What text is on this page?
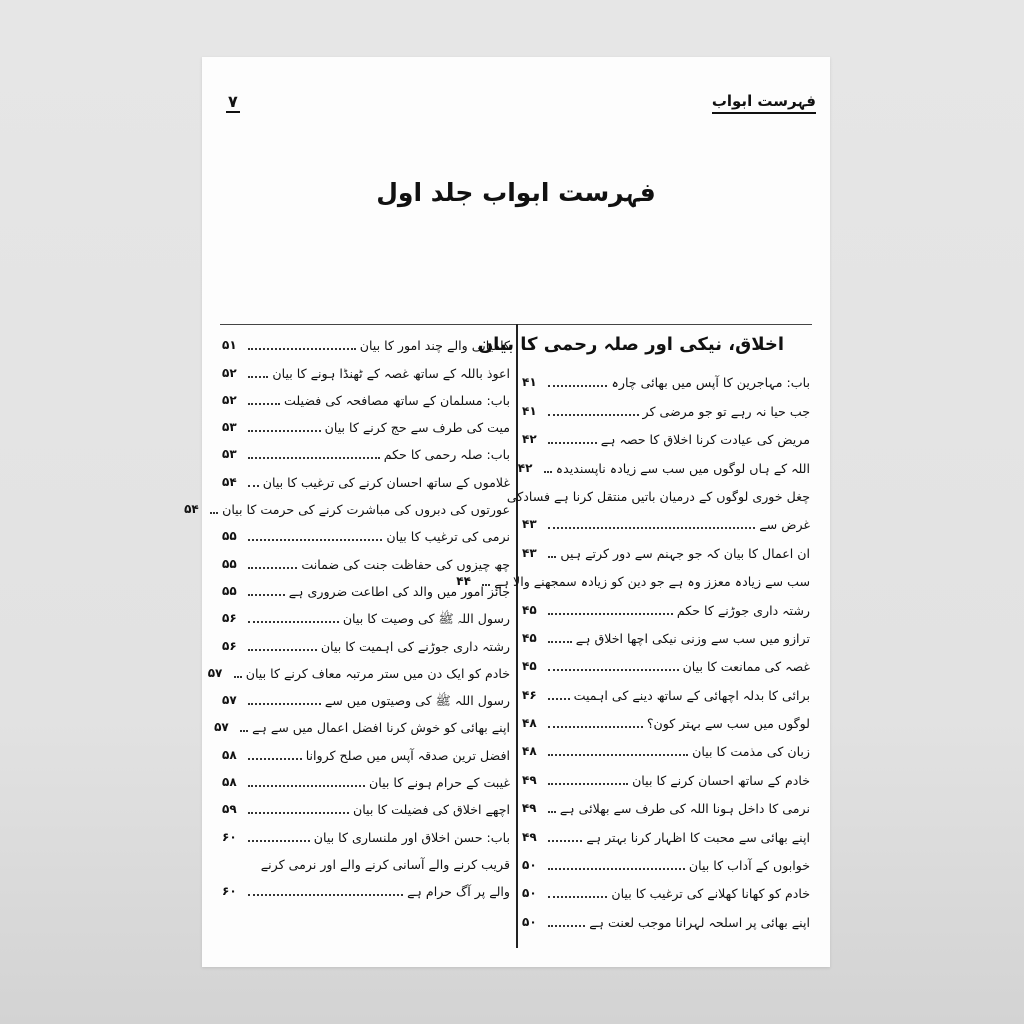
فہرست ابواب
۷
فہرست ابواب جلد اول
اخلاق، نیکی اور صلہ رحمی کا بیان
باب: مہاجرین کا آپس میں بھائی چارہ
۴۱
جب حیا نہ رہے تو جو مرضی کر
۴۱
مریض کی عیادت کرنا اخلاق کا حصہ ہے
۴۲
اللہ کے ہاں لوگوں میں سب سے زیادہ ناپسندیدہ
۴۲
چغل خوری لوگوں کے درمیان باتیں منتقل کرنا ہے فسادکی
غرض سے
۴۳
ان اعمال کا بیان کہ جو جہنم سے دور کرتے ہیں
۴۳
سب سے زیادہ معزز وہ ہے جو دین کو زیادہ سمجھنے والا ہے
۴۴
رشتہ داری جوڑنے کا حکم
۴۵
ترازو میں سب سے وزنی نیکی اچھا اخلاق ہے
۴۵
غصہ کی ممانعت کا بیان
۴۵
برائی کا بدلہ اچھائی کے ساتھ دینے کی اہمیت
۴۶
لوگوں میں سب سے بہتر کون؟
۴۸
زبان کی مذمت کا بیان
۴۸
خادم کے ساتھ احسان کرنے کا بیان
۴۹
نرمی کا داخل ہونا اللہ کی طرف سے بھلائی ہے
۴۹
اپنے بھائی سے محبت کا اظہار کرنا بہتر ہے
۴۹
خوابوں کے آداب کا بیان
۵۰
خادم کو کھانا کھلانے کی ترغیب کا بیان
۵۰
اپنے بھائی پر اسلحہ لہرانا موجب لعنت ہے
۵۰
کامیابی والے چند امور کا بیان
۵۱
اعوذ باللہ کے ساتھ غصہ کے ٹھنڈا ہونے کا بیان
۵۲
باب: مسلمان کے ساتھ مصافحہ کی فضیلت
۵۲
میت کی طرف سے حج کرنے کا بیان
۵۳
باب: صلہ رحمی کا حکم
۵۳
غلاموں کے ساتھ احسان کرنے کی ترغیب کا بیان
۵۴
عورتوں کی دبروں کی مباشرت کرنے کی حرمت کا بیان
۵۴
نرمی کی ترغیب کا بیان
۵۵
چھ چیزوں کی حفاظت جنت کی ضمانت
۵۵
جائز امور میں والد کی اطاعت ضروری ہے
۵۵
رسول اللہ ﷺ کی وصیت کا بیان
۵۶
رشتہ داری جوڑنے کی اہمیت کا بیان
۵۶
خادم کو ایک دن میں ستر مرتبہ معاف کرنے کا بیان
۵۷
رسول اللہ ﷺ کی وصیتوں میں سے
۵۷
اپنے بھائی کو خوش کرنا افضل اعمال میں سے ہے
۵۷
افضل ترین صدقہ آپس میں صلح کروانا
۵۸
غیبت کے حرام ہونے کا بیان
۵۸
اچھے اخلاق کی فضیلت کا بیان
۵۹
باب: حسن اخلاق اور ملنساری کا بیان
۶۰
قریب کرنے والے آسانی کرنے والے اور نرمی کرنے
والے پر آگ حرام ہے
۶۰
